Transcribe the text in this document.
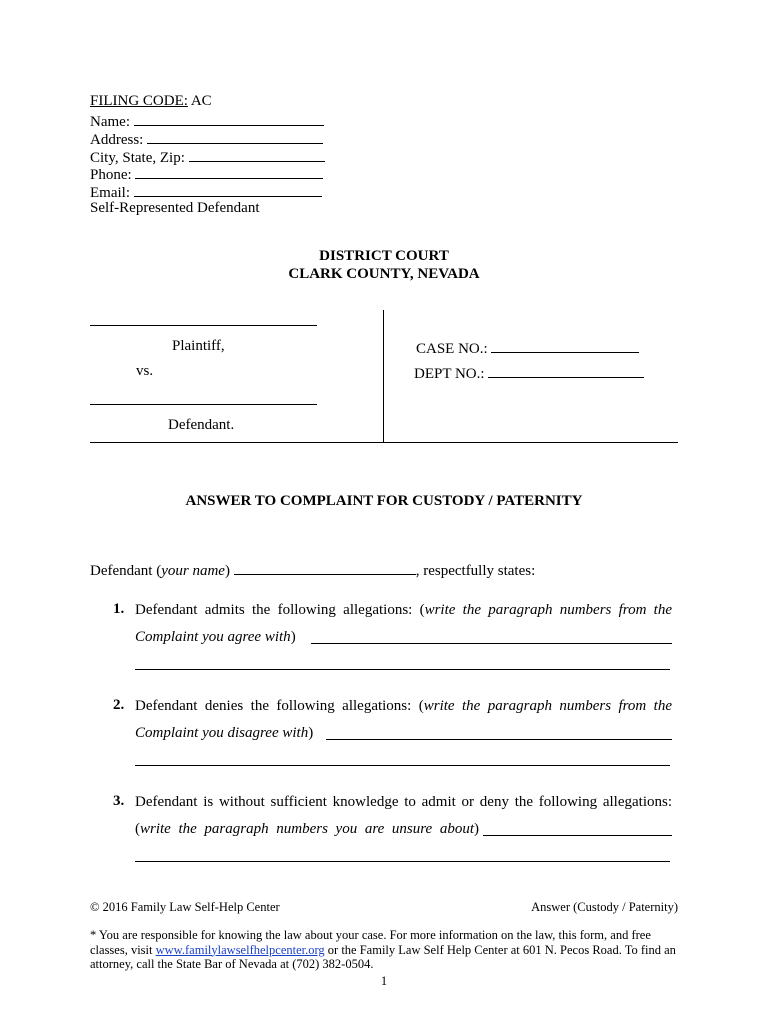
FILING CODE: AC
Name:
Address:
City, State, Zip:
Phone:
Email:
Self-Represented Defendant
DISTRICT COURT
CLARK COUNTY, NEVADA
Plaintiff,
vs.
Defendant.
CASE NO.:
DEPT NO.:
ANSWER TO COMPLAINT FOR CUSTODY / PATERNITY
Defendant (your name)	, respectfully states:
1. Defendant admits the following allegations: (write the paragraph numbers from the
Complaint you agree with)
2. Defendant denies the following allegations: (write the paragraph numbers from the
Complaint you disagree with)
3. Defendant is without sufficient knowledge to admit or deny the following allegations:
(write the paragraph numbers you are unsure about)
© 2016 Family Law Self-Help Center	Answer (Custody / Paternity)
* You are responsible for knowing the law about your case. For more information on the law, this form, and free classes, visit www.familylawselfhelpcenter.org or the Family Law Self Help Center at 601 N. Pecos Road. To find an attorney, call the State Bar of Nevada at (702) 382-0504.
1
